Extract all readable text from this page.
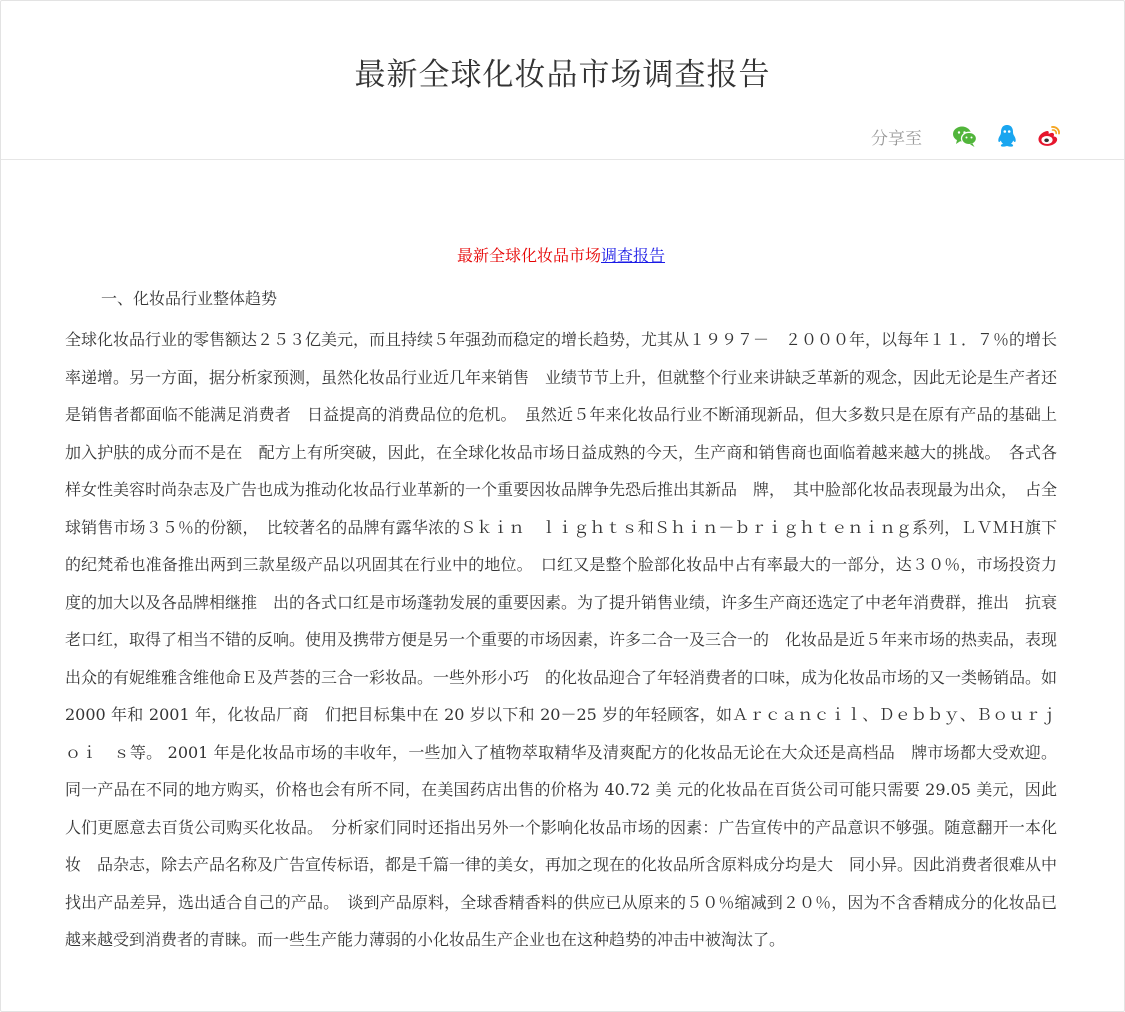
最新全球化妆品市场调查报告
分享至
最新全球化妆品市场调查报告
一、化妆品行业整体趋势

全球化妆品行业的零售额达２５３亿美元，而且持续５年强劲而稳定的增长趋势，尤其从１９９７－　２０００年，以每年１１．７％的增长率递增。另一方面，据分析家预测，虽然化妆品行业近几年来销售　业绩节节上升，但就整个行业来讲缺乏革新的观念，因此无论是生产者还是销售者都面临不能满足消费者　日益提高的消费品位的危机。　虽然近５年来化妆品行业不断涌现新品，但大多数只是在原有产品的基础上加入护肤的成分而不是在　配方上有所突破，因此，在全球化妆品市场日益成熟的今天，生产商和销售商也面临着越来越大的挑战。　各式各样女性美容时尚杂志及广告也成为推动化妆品行业革新的一个重要因妆品牌争先恐后推出其新品　牌，　其中脸部化妆品表现最为出众，　占全球销售市场３５％的份额，　比较著名的品牌有露华浓的Ｓｋｉｎ　ｌｉｇｈｔｓ和Ｓｈｉｎ－ｂｒｉｇｈｔｅｎｉｎｇ系列，ＬＶＭＨ旗下的纪梵希也准备推出两到三款星级产品以巩固其在行业中的地位。　口红又是整个脸部化妆品中占有率最大的一部分，达３０％，市场投资力度的加大以及各品牌相继推　出的各式口红是市场蓬勃发展的重要因素。为了提升销售业绩，许多生产商还选定了中老年消费群，推出　抗衰老口红，取得了相当不错的反响。使用及携带方便是另一个重要的市场因素，许多二合一及三合一的　化妆品是近５年来市场的热卖品，表现出众的有妮维雅含维他命Ｅ及芦荟的三合一彩妆品。一些外形小巧　的化妆品迎合了年轻消费者的口味，成为化妆品市场的又一类畅销品。如 2000 年和 2001 年，化妆品厂商　们把目标集中在 20 岁以下和 20－25 岁的年轻顾客，如Ａｒｃａｎｃｉｌ、Ｄｅｂｂｙ、Ｂｏｕｒｊｏｉ　ｓ等。 2001 年是化妆品市场的丰收年，一些加入了植物萃取精华及清爽配方的化妆品无论在大众还是高档品　牌市场都大受欢迎。同一产品在不同的地方购买，价格也会有所不同，在美国药店出售的价格为 40.72 美 元的化妆品在百货公司可能只需要 29.05 美元，因此人们更愿意去百货公司购买化妆品。　分析家们同时还指出另外一个影响化妆品市场的因素：广告宣传中的产品意识不够强。随意翻开一本化妆　品杂志，除去产品名称及广告宣传标语，都是千篇一律的美女，再加之现在的化妆品所含原料成分均是大　同小异。因此消费者很难从中找出产品差异，选出适合自己的产品。　谈到产品原料，全球香精香料的供应已从原来的５０％缩减到２０％，因为不含香精成分的化妆品已　越来越受到消费者的青睐。而一些生产能力薄弱的小化妆品生产企业也在这种趋势的冲击中被淘汰了。
